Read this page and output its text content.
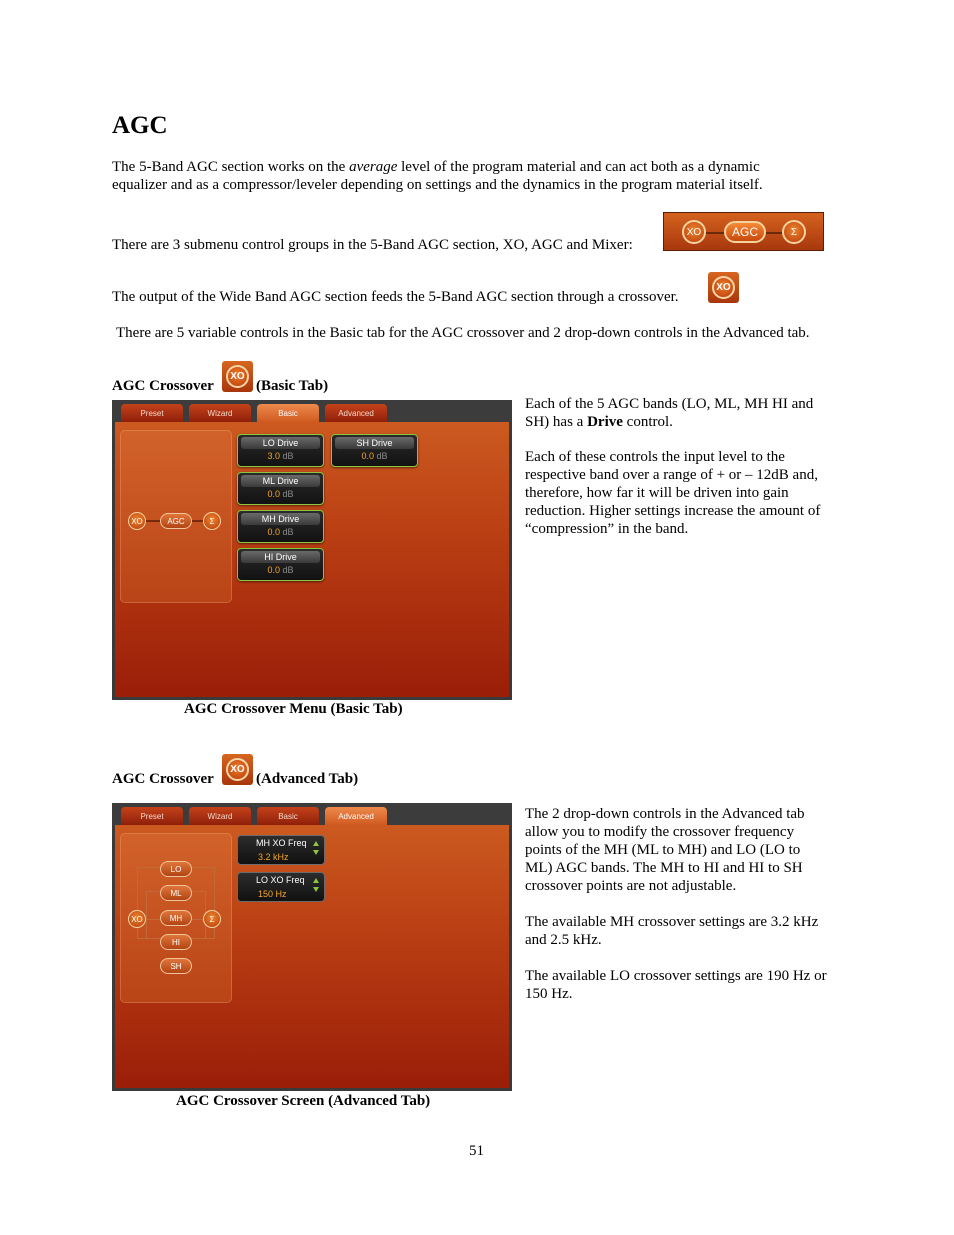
AGC
The 5-Band AGC section works on the average level of the program material and can act both as a dynamic
equalizer and as a compressor/leveler depending on settings and the dynamics in the program material itself.
There are 3 submenu control groups in the 5-Band AGC section, XO, AGC and Mixer:
XO	AGC	Σ
The output of the Wide Band AGC section feeds the 5-Band AGC section through a crossover.
XO
There are 5 variable controls in the Basic tab for the AGC crossover and 2 drop-down controls in the Advanced tab.
AGC Crossover
XO
(Basic Tab)
Preset	Wizard	Basic	Advanced
XO	AGC	Σ
LO Drive
3.0 dB
SH Drive
0.0 dB
ML Drive
0.0 dB
MH Drive
0.0 dB
HI Drive
0.0 dB
AGC Crossover Menu (Basic Tab)
Each of the 5 AGC bands (LO, ML, MH HI and
SH) has a Drive control.
Each of these controls the input level to the
respective band over a range of + or – 12dB and,
therefore, how far it will be driven into gain
reduction. Higher settings increase the amount of
“compression” in the band.
AGC Crossover
XO
(Advanced Tab)
Preset	Wizard	Basic	Advanced
XO
LO
ML
MH
HI
SH
Σ
MH XO Freq
3.2 kHz
LO XO Freq
150 Hz
AGC Crossover Screen (Advanced Tab)
The 2 drop-down controls in the Advanced tab
allow you to modify the crossover frequency
points of the MH (ML to MH) and LO (LO to
ML) AGC bands. The MH to HI and HI to SH
crossover points are not adjustable.
The available MH crossover settings are 3.2 kHz
and 2.5 kHz.
The available LO crossover settings are 190 Hz or
150 Hz.
51
